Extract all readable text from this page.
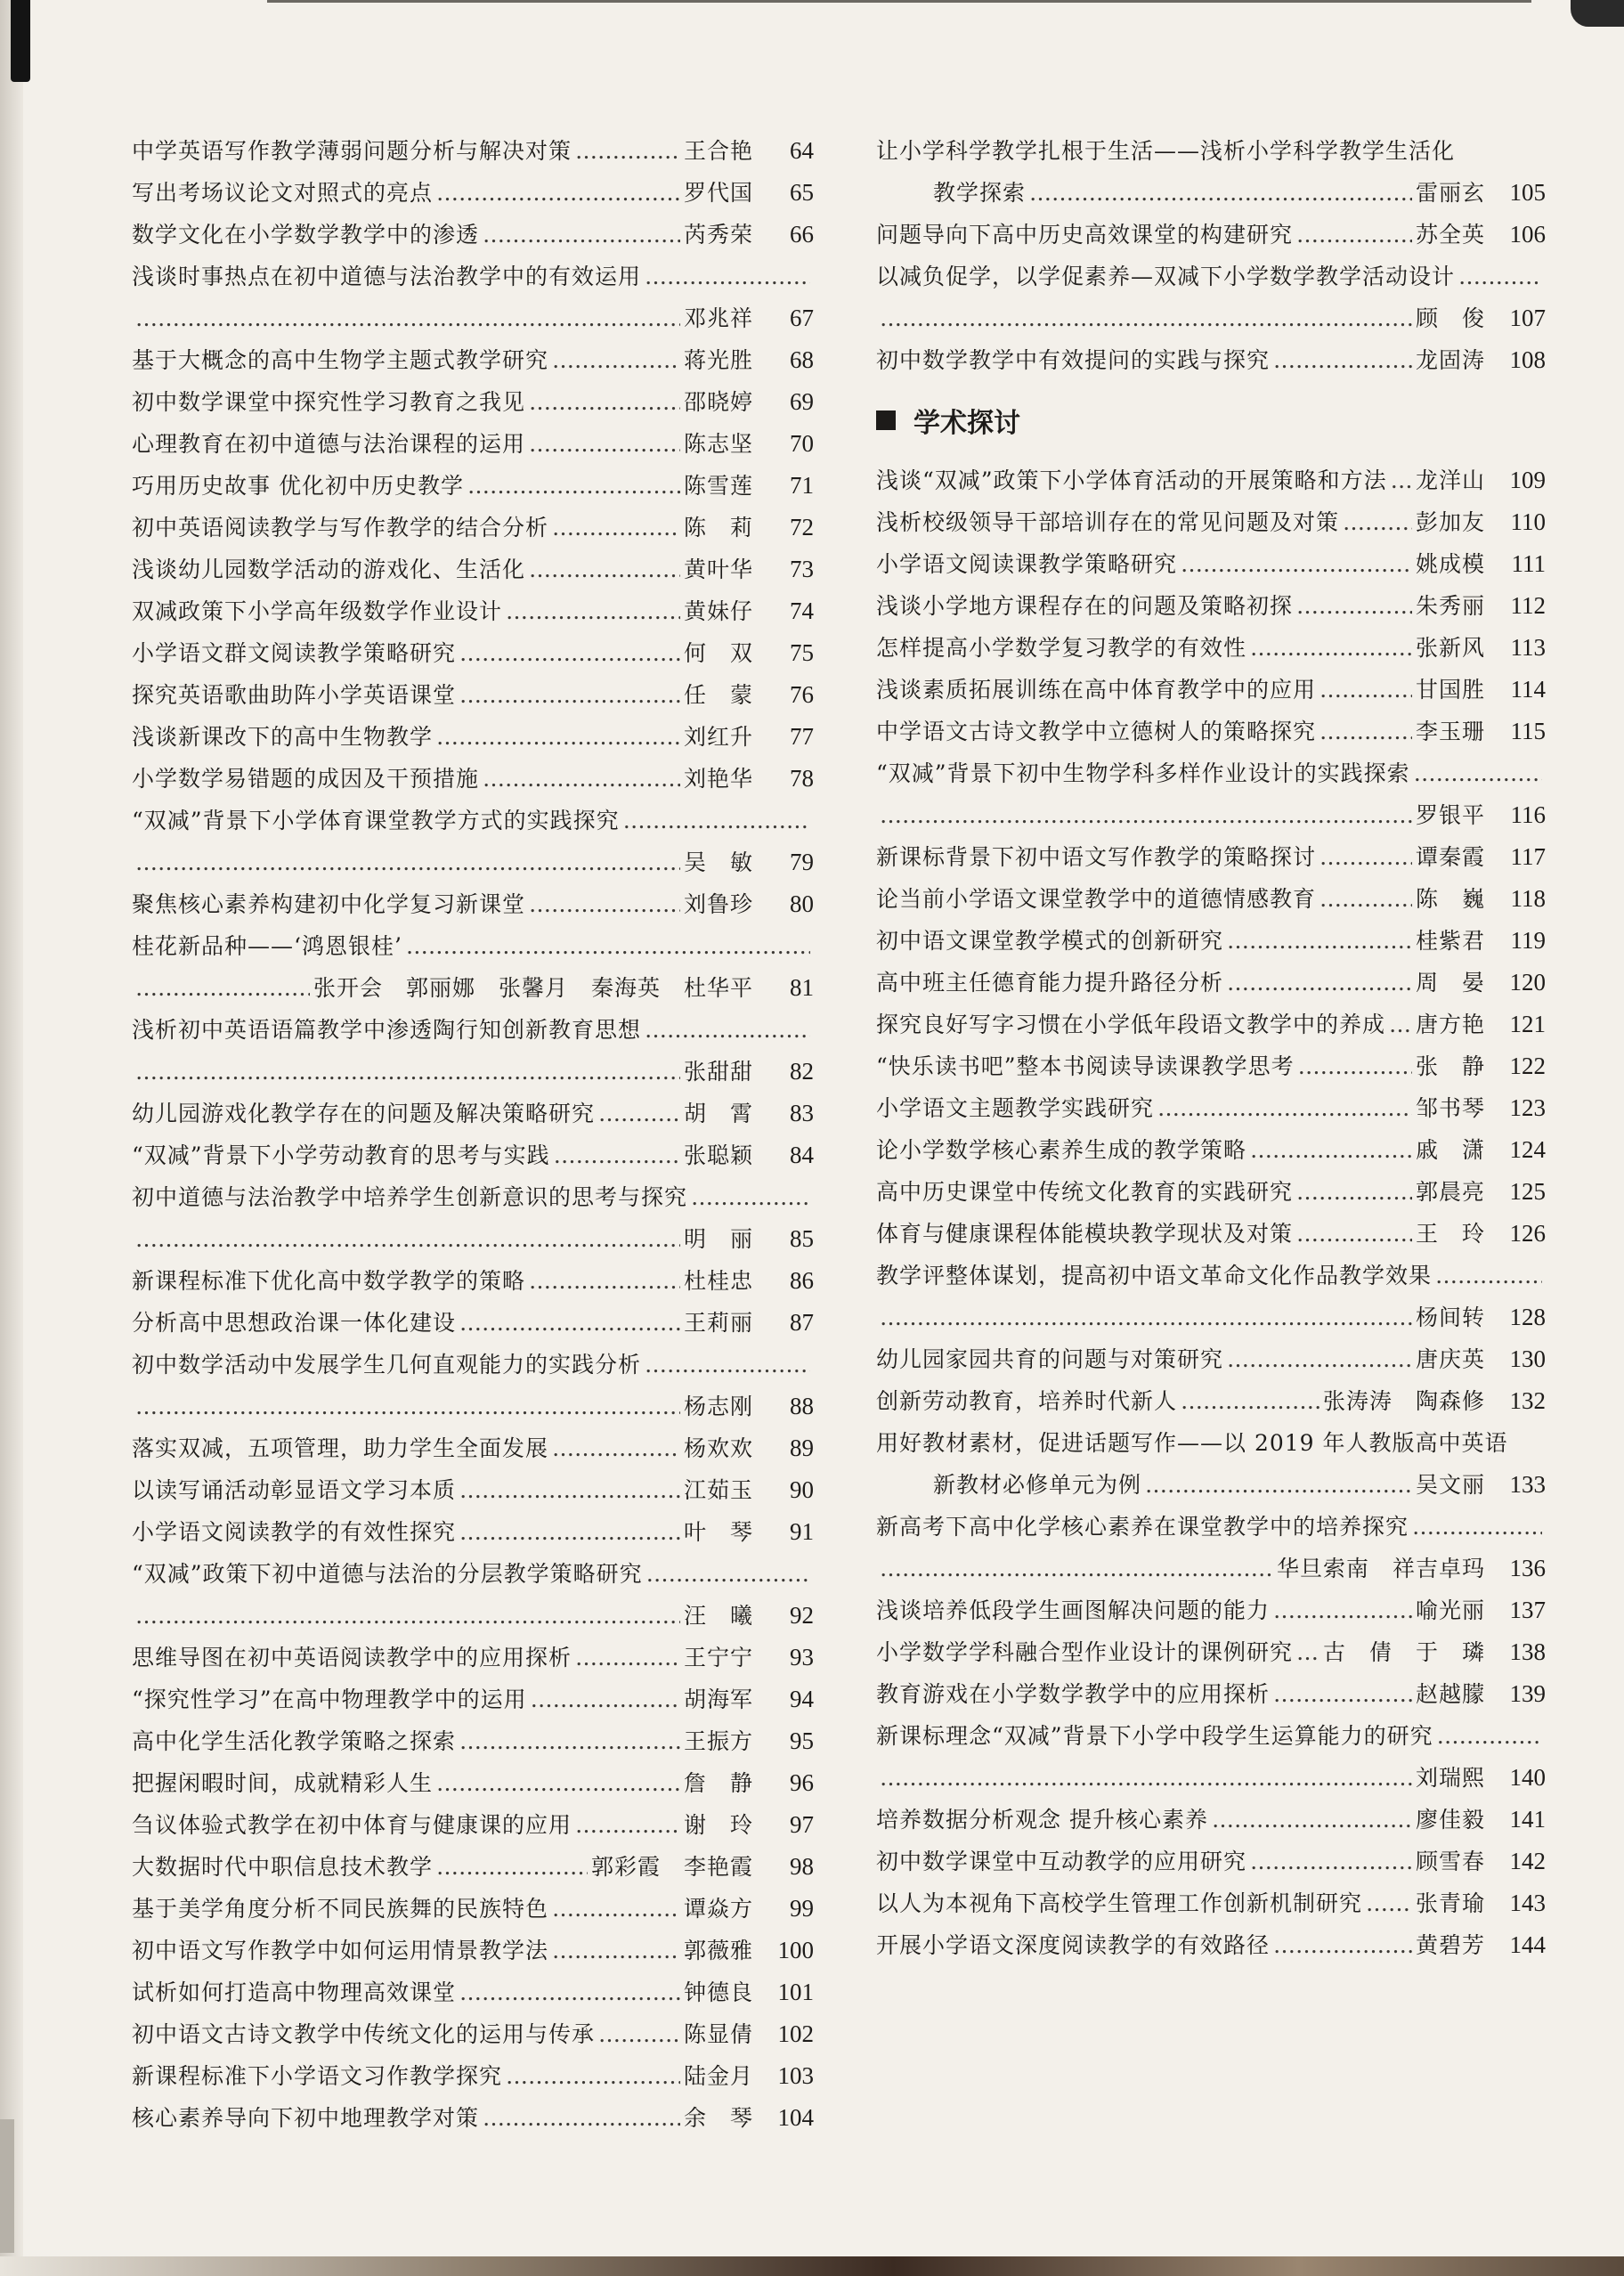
中学英语写作教学薄弱问题分析与解决对策 …………………………………………………………………………………………………………………………	王合艳	64
写出考场议论文对照式的亮点 …………………………………………………………………………………………………………………………	罗代国	65
数学文化在小学数学教学中的渗透 …………………………………………………………………………………………………………………………	芮秀荣	66
浅谈时事热点在初中道德与法治教学中的有效运用
…………………………………………………………………………………………………………………………
…………………………………………………………………………………………………………………………
邓兆祥	67
基于大概念的高中生物学主题式教学研究 …………………………………………………………………………………………………………………………	蒋光胜	68
初中数学课堂中探究性学习教育之我见 …………………………………………………………………………………………………………………………	邵晓婷	69
心理教育在初中道德与法治课程的运用 …………………………………………………………………………………………………………………………	陈志坚	70
巧用历史故事 优化初中历史教学 …………………………………………………………………………………………………………………………	陈雪莲	71
初中英语阅读教学与写作教学的结合分析 …………………………………………………………………………………………………………………………	陈　莉	72
浅谈幼儿园数学活动的游戏化、生活化 …………………………………………………………………………………………………………………………	黄叶华	73
双减政策下小学高年级数学作业设计 …………………………………………………………………………………………………………………………	黄妹仔	74
小学语文群文阅读教学策略研究 …………………………………………………………………………………………………………………………	何　双	75
探究英语歌曲助阵小学英语课堂 …………………………………………………………………………………………………………………………	任　蒙	76
浅谈新课改下的高中生物教学 …………………………………………………………………………………………………………………………	刘红升	77
小学数学易错题的成因及干预措施 …………………………………………………………………………………………………………………………	刘艳华	78
“双减”背景下小学体育课堂教学方式的实践探究
…………………………………………………………………………………………………………………………
…………………………………………………………………………………………………………………………
吴　敏	79
聚焦核心素养构建初中化学复习新课堂 …………………………………………………………………………………………………………………………	刘鲁珍	80
桂花新品种——‘鸿恩银桂’
…………………………………………………………………………………………………………………………
…………………………………………………………………………………………………………………………
张开会　郭丽娜　张馨月　秦海英　杜华平	81
浅析初中英语语篇教学中渗透陶行知创新教育思想
…………………………………………………………………………………………………………………………
…………………………………………………………………………………………………………………………
张甜甜	82
幼儿园游戏化教学存在的问题及解决策略研究 …………………………………………………………………………………………………………………………	胡　霄	83
“双减”背景下小学劳动教育的思考与实践 …………………………………………………………………………………………………………………………	张聪颖	84
初中道德与法治教学中培养学生创新意识的思考与探究
…………………………………………………………………………………………………………………………
…………………………………………………………………………………………………………………………
明　丽	85
新课程标准下优化高中数学教学的策略 …………………………………………………………………………………………………………………………	杜桂忠	86
分析高中思想政治课一体化建设 …………………………………………………………………………………………………………………………	王莉丽	87
初中数学活动中发展学生几何直观能力的实践分析
…………………………………………………………………………………………………………………………
…………………………………………………………………………………………………………………………
杨志刚	88
落实双减，五项管理，助力学生全面发展 …………………………………………………………………………………………………………………………	杨欢欢	89
以读写诵活动彰显语文学习本质 …………………………………………………………………………………………………………………………	江茹玉	90
小学语文阅读教学的有效性探究 …………………………………………………………………………………………………………………………	叶　琴	91
“双减”政策下初中道德与法治的分层教学策略研究
…………………………………………………………………………………………………………………………
…………………………………………………………………………………………………………………………
汪　曦	92
思维导图在初中英语阅读教学中的应用探析 …………………………………………………………………………………………………………………………	王宁宁	93
“探究性学习”在高中物理教学中的运用 …………………………………………………………………………………………………………………………	胡海军	94
高中化学生活化教学策略之探索 …………………………………………………………………………………………………………………………	王振方	95
把握闲暇时间，成就精彩人生 …………………………………………………………………………………………………………………………	詹　静	96
刍议体验式教学在初中体育与健康课的应用 …………………………………………………………………………………………………………………………	谢　玲	97
大数据时代中职信息技术教学 …………………………………………………………………………………………………………………………	郭彩霞　李艳霞	98
基于美学角度分析不同民族舞的民族特色 …………………………………………………………………………………………………………………………	谭焱方	99
初中语文写作教学中如何运用情景教学法 …………………………………………………………………………………………………………………………	郭薇雅	100
试析如何打造高中物理高效课堂 …………………………………………………………………………………………………………………………	钟德良	101
初中语文古诗文教学中传统文化的运用与传承 …………………………………………………………………………………………………………………………	陈显倩	102
新课程标准下小学语文习作教学探究 …………………………………………………………………………………………………………………………	陆金月	103
核心素养导向下初中地理教学对策 …………………………………………………………………………………………………………………………	余　琴	104
让小学科学教学扎根于生活——浅析小学科学教学生活化
教学探索 …………………………………………………………………………………………………………………………	雷丽玄	105
问题导向下高中历史高效课堂的构建研究 …………………………………………………………………………………………………………………………	苏全英	106
以减负促学，以学促素养—双减下小学数学教学活动设计
…………………………………………………………………………………………………………………………
…………………………………………………………………………………………………………………………
顾　俊	107
初中数学教学中有效提问的实践与探究 …………………………………………………………………………………………………………………………	龙固涛	108
学术探讨
浅谈“双减”政策下小学体育活动的开展策略和方法 ………………………………………………………………………………………………………………………… 龙洋山	109
浅析校级领导干部培训存在的常见问题及对策 …………………………………………………………………………………………………………………………	彭加友	110
小学语文阅读课教学策略研究 …………………………………………………………………………………………………………………………	姚成模	111
浅谈小学地方课程存在的问题及策略初探 …………………………………………………………………………………………………………………………	朱秀丽	112
怎样提高小学数学复习教学的有效性 …………………………………………………………………………………………………………………………	张新风	113
浅谈素质拓展训练在高中体育教学中的应用 …………………………………………………………………………………………………………………………	甘国胜	114
中学语文古诗文教学中立德树人的策略探究 …………………………………………………………………………………………………………………………	李玉珊	115
“双减”背景下初中生物学科多样作业设计的实践探索
…………………………………………………………………………………………………………………………
…………………………………………………………………………………………………………………………
罗银平	116
新课标背景下初中语文写作教学的策略探讨 …………………………………………………………………………………………………………………………	谭秦霞	117
论当前小学语文课堂教学中的道德情感教育 …………………………………………………………………………………………………………………………	陈　巍	118
初中语文课堂教学模式的创新研究 …………………………………………………………………………………………………………………………	桂紫君	119
高中班主任德育能力提升路径分析 …………………………………………………………………………………………………………………………	周　晏	120
探究良好写字习惯在小学低年段语文教学中的养成 ………………………………………………………………………………………………………………………… 唐方艳	121
“快乐读书吧”整本书阅读导读课教学思考 …………………………………………………………………………………………………………………………	张　静	122
小学语文主题教学实践研究 …………………………………………………………………………………………………………………………	邹书琴	123
论小学数学核心素养生成的教学策略 …………………………………………………………………………………………………………………………	戚　潇	124
高中历史课堂中传统文化教育的实践研究 …………………………………………………………………………………………………………………………	郭晨亮	125
体育与健康课程体能模块教学现状及对策 …………………………………………………………………………………………………………………………	王　玲	126
教学评整体谋划，提高初中语文革命文化作品教学效果
…………………………………………………………………………………………………………………………
…………………………………………………………………………………………………………………………
杨间转	128
幼儿园家园共育的问题与对策研究 …………………………………………………………………………………………………………………………	唐庆英	130
创新劳动教育，培养时代新人 …………………………………………………………………………………………………………………………	张涛涛　陶森修	132
用好教材素材，促进话题写作——以 2019 年人教版高中英语
新教材必修单元为例 …………………………………………………………………………………………………………………………	吴文丽	133
新高考下高中化学核心素养在课堂教学中的培养探究
…………………………………………………………………………………………………………………………
…………………………………………………………………………………………………………………………
华旦索南　祥吉卓玛	136
浅谈培养低段学生画图解决问题的能力 …………………………………………………………………………………………………………………………	喻光丽	137
小学数学学科融合型作业设计的课例研究 ………………………………………………………………………………………………………………………… 古　倩　于　璘	138
教育游戏在小学数学教学中的应用探析 …………………………………………………………………………………………………………………………	赵越朦	139
新课标理念“双减”背景下小学中段学生运算能力的研究
…………………………………………………………………………………………………………………………
…………………………………………………………………………………………………………………………
刘瑞熙	140
培养数据分析观念 提升核心素养 …………………………………………………………………………………………………………………………	廖佳毅	141
初中数学课堂中互动教学的应用研究 …………………………………………………………………………………………………………………………	顾雪春	142
以人为本视角下高校学生管理工作创新机制研究 ………………………………………………………………………………………………………………………… 张青瑜	143
开展小学语文深度阅读教学的有效路径 …………………………………………………………………………………………………………………………	黄碧芳	144
